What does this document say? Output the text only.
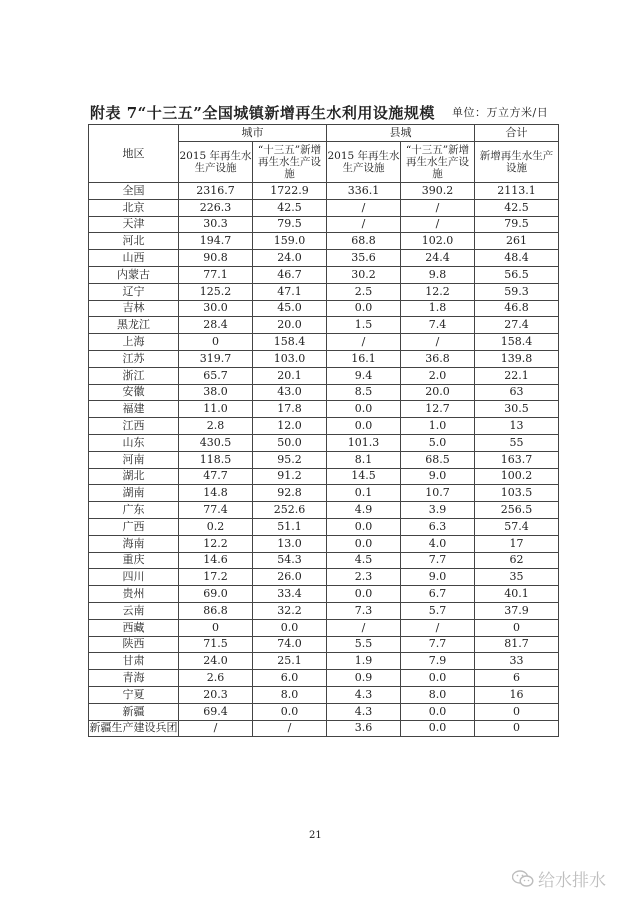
附表 7“十三五”全国城镇新增再生水利用设施规模 单位：万立方米/日
地区	城市		县城		合计
	2015 年再生水生产设施	“十三五”新增再生水生产设施	2015 年再生水生产设施	“十三五”新增再生水生产设施	新增再生水生产设施
全国	2316.7	1722.9	336.1	390.2	2113.1
北京	226.3	42.5	/	/	42.5
天津	30.3	79.5	/	/	79.5
河北	194.7	159.0	68.8	102.0	261
山西	90.8	24.0	35.6	24.4	48.4
内蒙古	77.1	46.7	30.2	9.8	56.5
辽宁	125.2	47.1	2.5	12.2	59.3
吉林	30.0	45.0	0.0	1.8	46.8
黑龙江	28.4	20.0	1.5	7.4	27.4
上海	0	158.4	/	/	158.4
江苏	319.7	103.0	16.1	36.8	139.8
浙江	65.7	20.1	9.4	2.0	22.1
安徽	38.0	43.0	8.5	20.0	63
福建	11.0	17.8	0.0	12.7	30.5
江西	2.8	12.0	0.0	1.0	13
山东	430.5	50.0	101.3	5.0	55
河南	118.5	95.2	8.1	68.5	163.7
湖北	47.7	91.2	14.5	9.0	100.2
湖南	14.8	92.8	0.1	10.7	103.5
广东	77.4	252.6	4.9	3.9	256.5
广西	0.2	51.1	0.0	6.3	57.4
海南	12.2	13.0	0.0	4.0	17
重庆	14.6	54.3	4.5	7.7	62
四川	17.2	26.0	2.3	9.0	35
贵州	69.0	33.4	0.0	6.7	40.1
云南	86.8	32.2	7.3	5.7	37.9
西藏	0	0.0	/	/	0
陕西	71.5	74.0	5.5	7.7	81.7
甘肃	24.0	25.1	1.9	7.9	33
青海	2.6	6.0	0.9	0.0	6
宁夏	20.3	8.0	4.3	8.0	16
新疆	69.4	0.0	4.3	0.0	0
新疆生产建设兵团	/	/	3.6	0.0	0
21
给水排水
